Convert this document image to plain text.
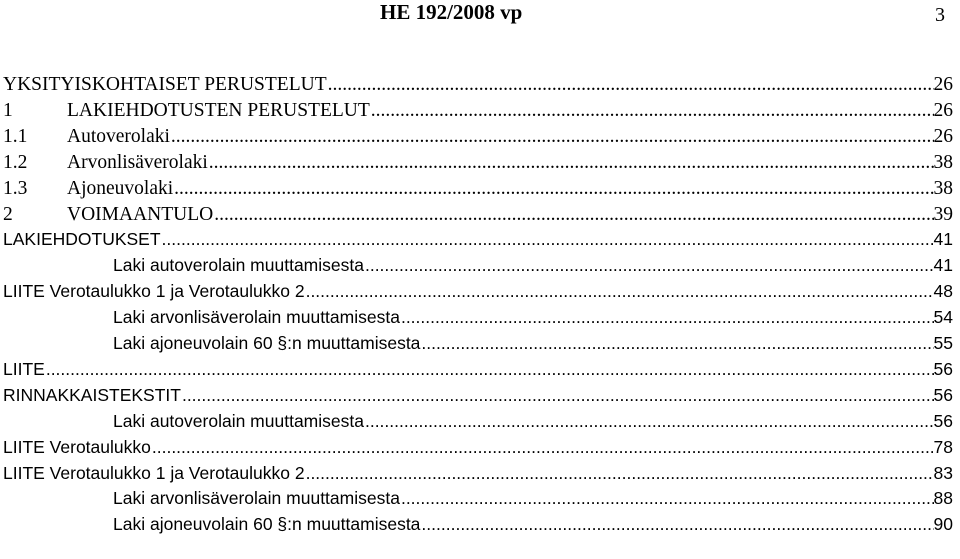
HE 192/2008 vp	3
YKSITYISKOHTAISET PERUSTELUT .....	26
1	LAKIEHDOTUSTEN PERUSTELUT .....	26
1.1 Autoverolaki .....	26
1.2 Arvonlisäverolaki .....	38
1.3 Ajoneuvolaki .....	38
2	VOIMAANTULO .....	39
LAKIEHDOTUKSET .....	41
Laki autoverolain muuttamisesta .....	41
LIITE Verotaulukko 1 ja Verotaulukko 2 .....	48
Laki arvonlisäverolain muuttamisesta .....	54
Laki ajoneuvolain 60 §:n muuttamisesta .....	55
LIITE .....	56
RINNAKKAISTEKSTIT .....	56
Laki autoverolain muuttamisesta .....	56
LIITE Verotaulukko .....	78
LIITE Verotaulukko 1 ja Verotaulukko 2 .....	83
Laki arvonlisäverolain muuttamisesta .....	88
Laki ajoneuvolain 60 §:n muuttamisesta .....	90
